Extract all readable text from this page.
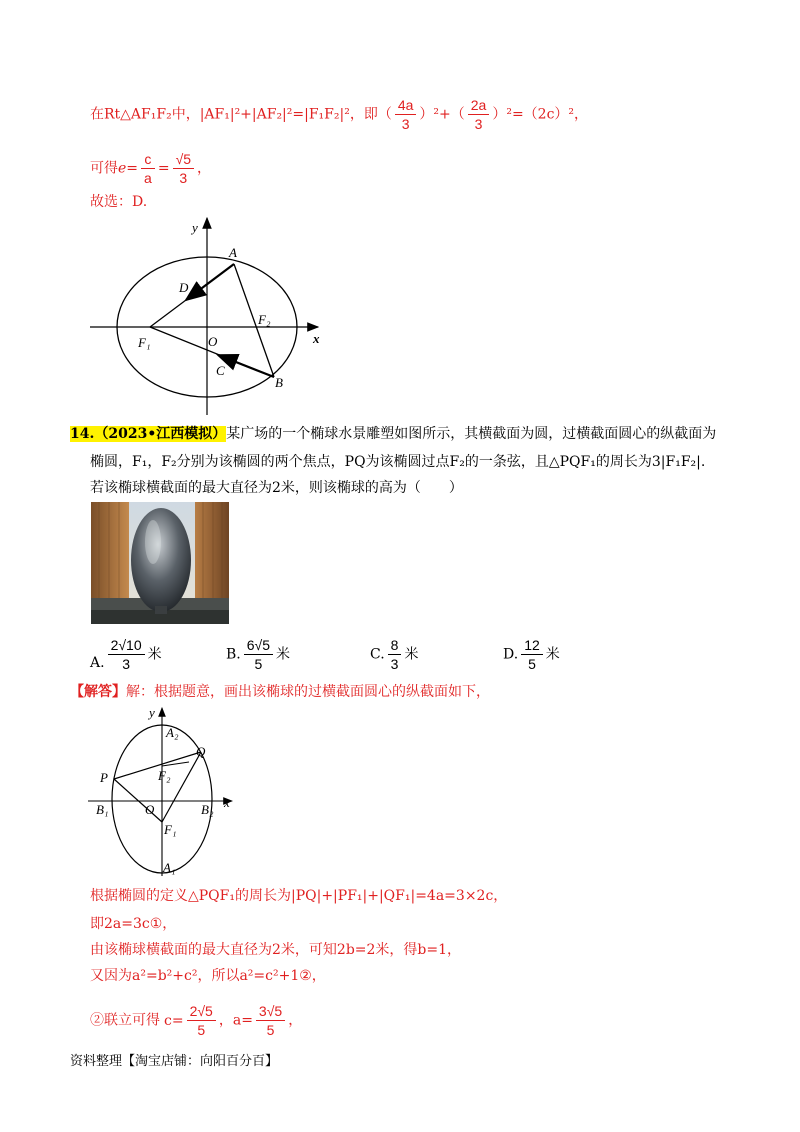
在Rt△AF₁F₂中，|AF₁|²+|AF₂|²=|F₁F₂|²，即（ $\frac{4a}{3} )^2+( \frac{2a}{3} )^2=(2c)^2$，
可得$e= \frac{c}{a} = \frac{√5}{3}$ ，
故选：D.
y
x
A
D
F₂
F₁	O
C
B
14.（2023•江西模拟）某广场的一个椭球水景雕塑如图所示，其横截面为圆，过横截面圆心的纵截面为
椭圆，F₁，F₂分别为该椭圆的两个焦点，PQ为该椭圆过点F₂的一条弦，且△PQF₁的周长为3|F₁F₂|.
若该椭球横截面的最大直径为2米，则该椭球的高为（　　）
A. $\frac{2√10}{3}$ 米	B. $\frac{6√5}{5}$ 米	C. $\frac{8}{3}$ 米	D. $\frac{12}{5}$ 米
【解答】解：根据题意，画出该椭球的过横截面圆心的纵截面如下，
y
A₂
Q
P	F₂
B₁	O	B₂ x
F₁
A₁
根据椭圆的定义△PQF₁的周长为|PQ|+|PF₁|+|QF₁|=4a=3×2c，
即2a=3c①，
由该椭球横截面的最大直径为2米，可知2b=2米，得b=1，
又因为a²=b²+c²，所以a²=c²+1②，
②联立可得 $c= \frac{2√5}{5}$ ，$a= \frac{3√5}{5}$ ，
资料整理【淘宝店铺：向阳百分百】
